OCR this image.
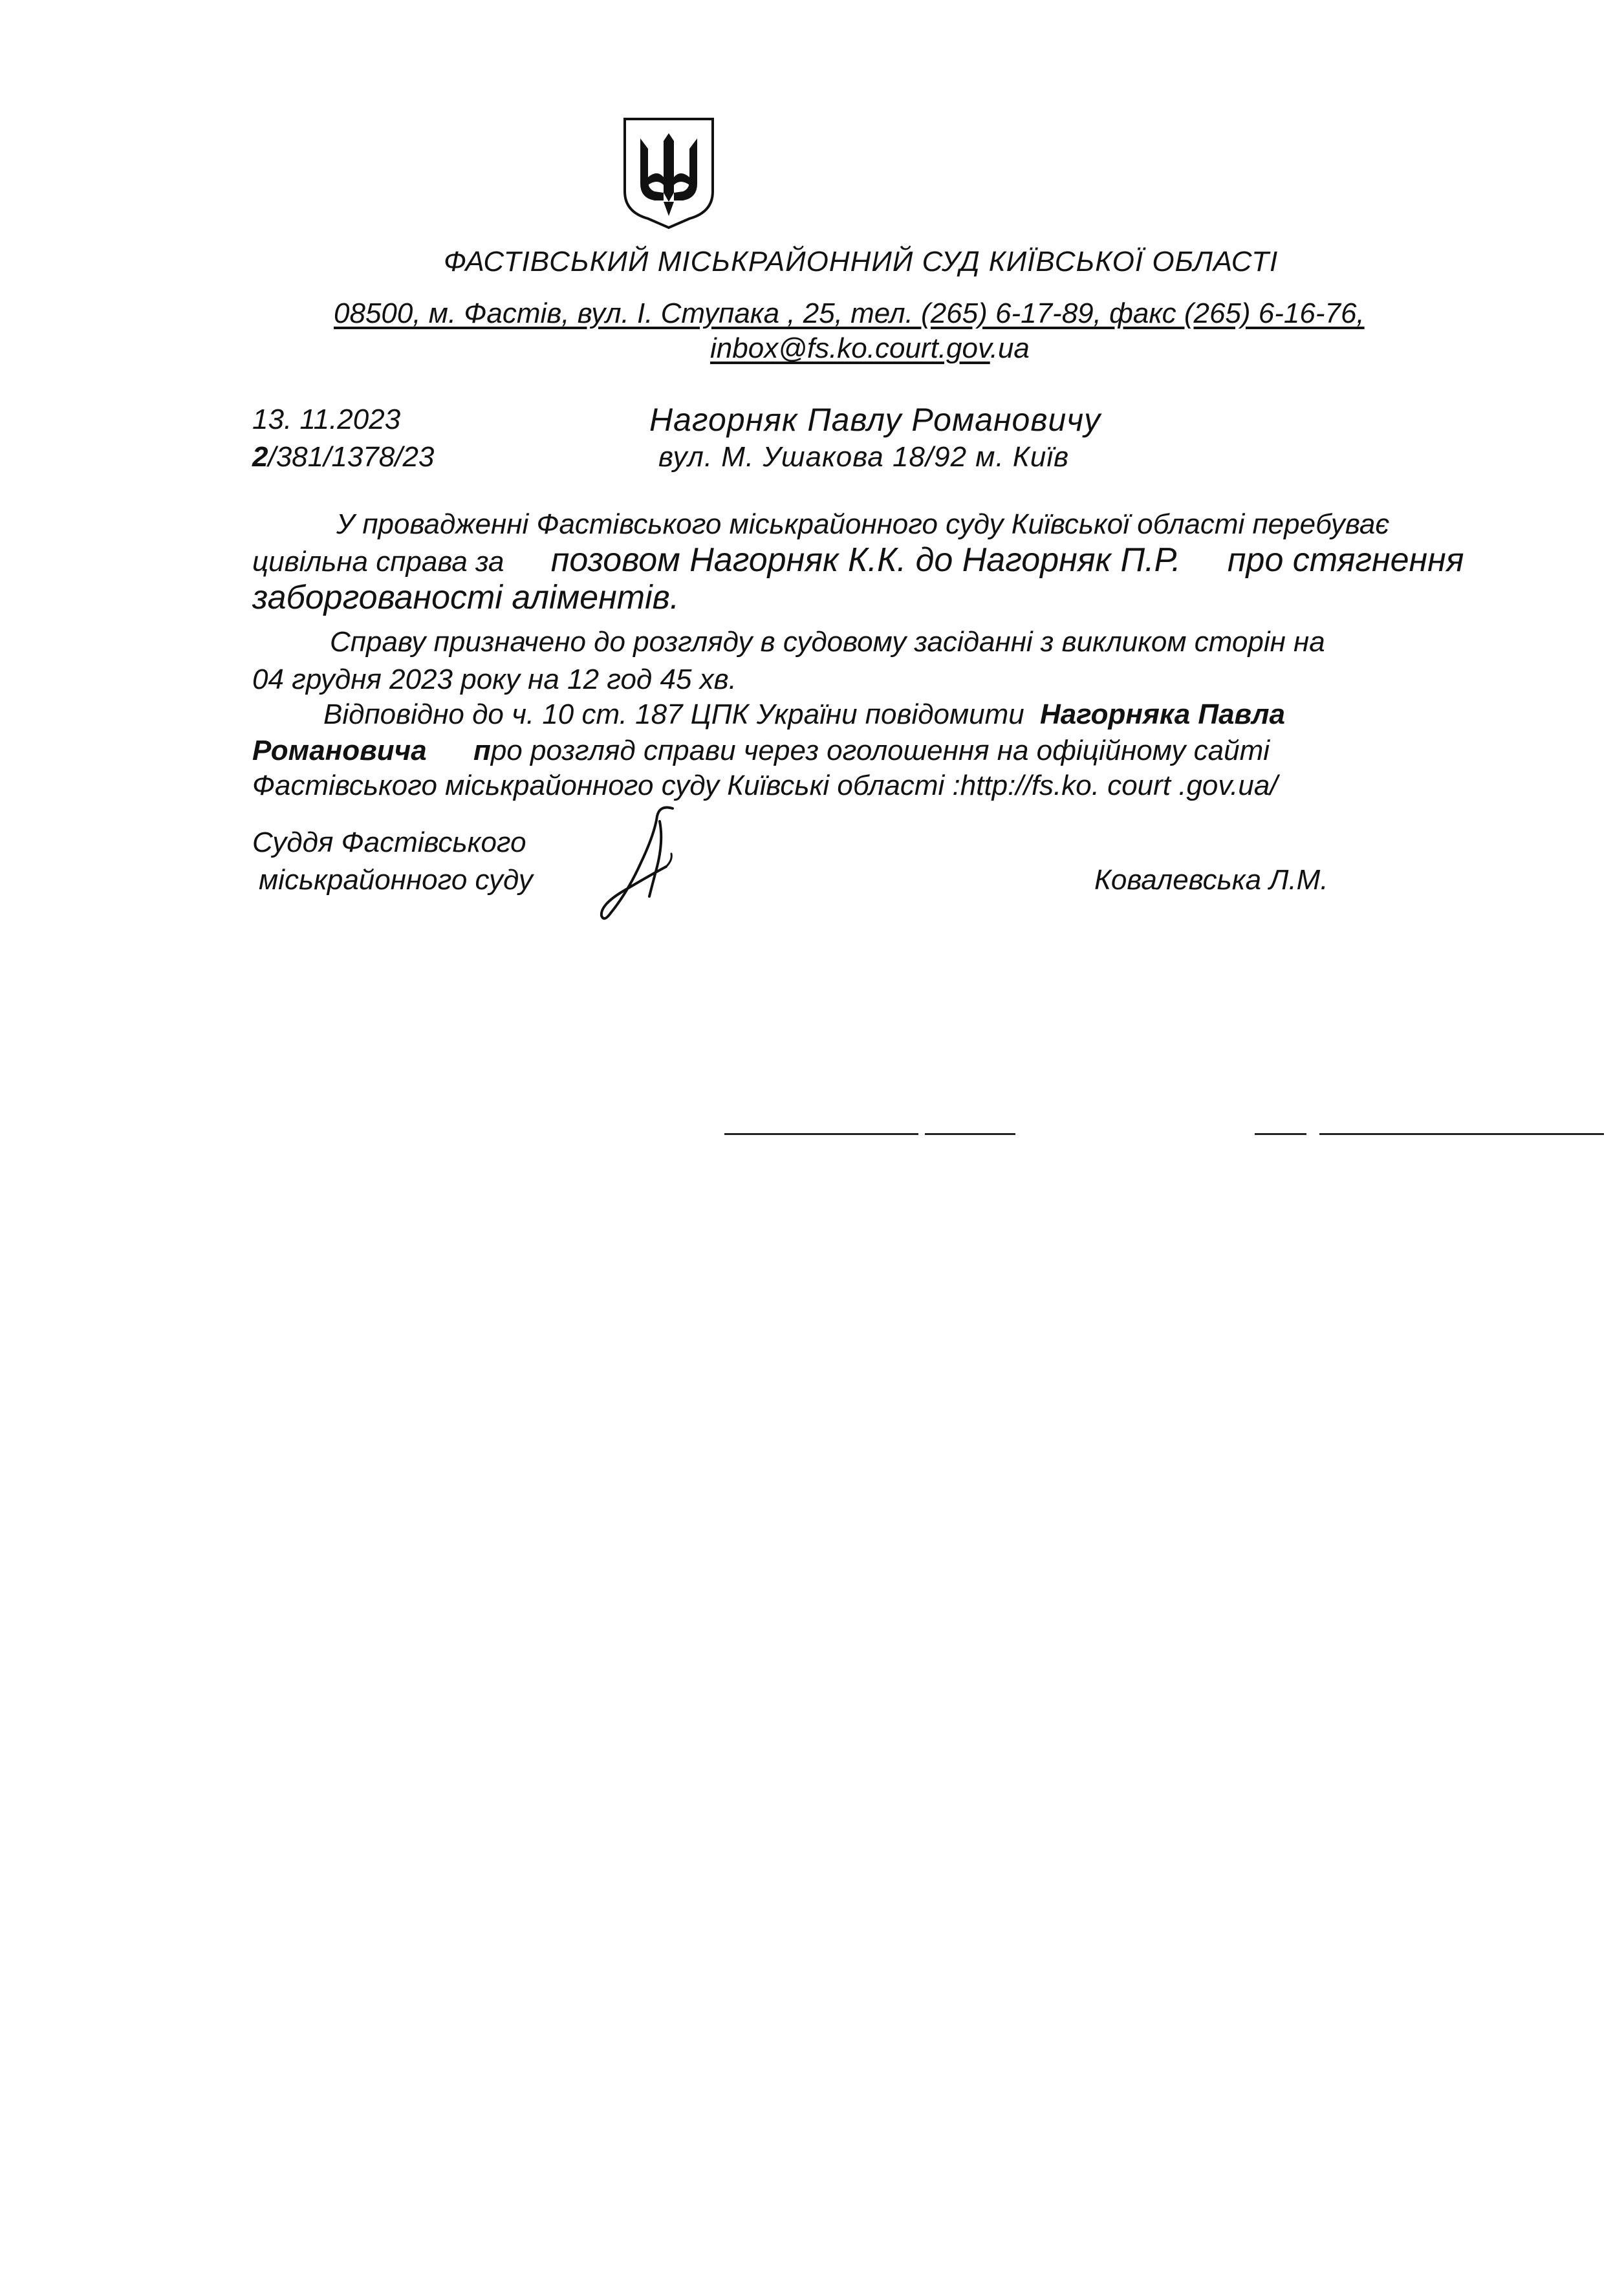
ФАСТІВСЬКИЙ МІСЬКРАЙОННИЙ СУД КИЇВСЬКОЇ ОБЛАСТІ
08500, м. Фастів, вул. І. Ступака , 25, тел. (265) 6-17-89, факс (265) 6-16-76,
inbox@fs.ko.court.gov.ua
13. 11.2023
2/381/1378/23
Нагорняк Павлу Романовичу
вул. М. Ушакова 18/92 м. Київ
У провадженні Фастівського міськрайонного суду Київської області перебуває
цивільна справа за позовом Нагорняк К.К. до Нагорняк П.Р. про стягнення
заборгованості аліментів.
Справу призначено до розгляду в судовому засіданні з викликом сторін на
04 грудня 2023 року на 12 год 45 хв.
Відповідно до ч. 10 ст. 187 ЦПК України повідомити Нагорняка Павла
Романовича про розгляд справи через оголошення на офіційному сайті
Фастівського міськрайонного суду Київські області :http://fs.ko. court .gov.ua/
Суддя Фастівського
міськрайонного суду	Ковалевська Л.М.
